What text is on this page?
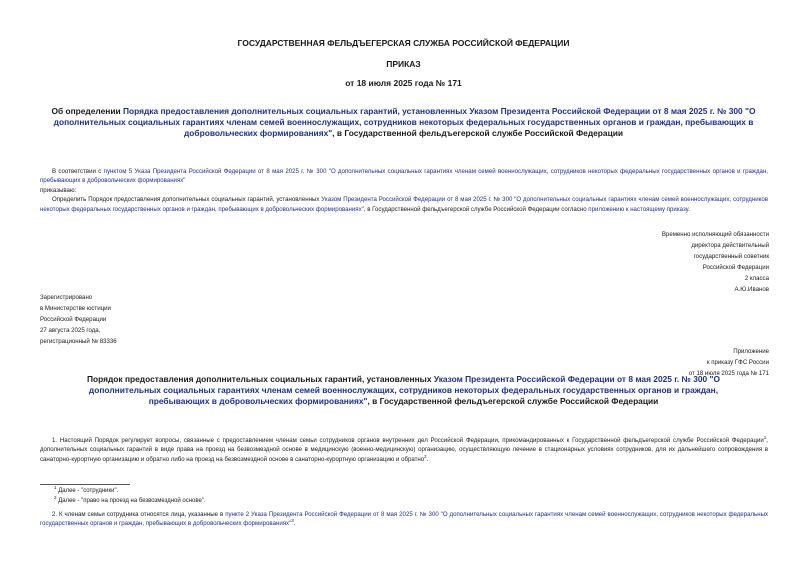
ГОСУДАРСТВЕННАЯ ФЕЛЬДЪЕГЕРСКАЯ СЛУЖБА РОССИЙСКОЙ ФЕДЕРАЦИИ
ПРИКАЗ
от 18 июля 2025 года № 171
Об определении Порядка предоставления дополнительных социальных гарантий, установленных Указом Президента Российской Федерации от 8 мая 2025 г. № 300 "О дополнительных социальных гарантиях членам семей военнослужащих, сотрудников некоторых федеральных государственных органов и граждан, пребывающих в добровольческих формированиях", в Государственной фельдъегерской службе Российской Федерации
В соответствии с пунктом 5 Указа Президента Российской Федерации от 8 мая 2025 г. № 300 "О дополнительных социальных гарантиях членам семей военнослужащих, сотрудников некоторых федеральных государственных органов и граждан, пребывающих в добровольческих формированиях"
приказываю:
Определить Порядок предоставления дополнительных социальных гарантий, установленных Указом Президента Российской Федерации от 8 мая 2025 г. № 300 "О дополнительных социальных гарантиях членам семей военнослужащих, сотрудников некоторых федеральных государственных органов и граждан, пребывающих в добровольческих формированиях", в Государственной фельдъегерской службе Российской Федерации согласно приложению к настоящему приказу.
Временно исполняющий обязанности
директора действительный
государственный советник
Российской Федерации
2 класса
А.Ю.Иванов
Зарегистрировано
в Министерстве юстиции
Российской Федерации
27 августа 2025 года,
регистрационный № 83336
Приложение
к приказу ГФС России
от 18 июля 2025 года № 171
Порядок предоставления дополнительных социальных гарантий, установленных Указом Президента Российской Федерации от 8 мая 2025 г. № 300 "О дополнительных социальных гарантиях членам семей военнослужащих, сотрудников некоторых федеральных государственных органов и граждан, пребывающих в добровольческих формированиях", в Государственной фельдъегерской службе Российской Федерации
1. Настоящий Порядок регулирует вопросы, связанные с предоставлением членам семьи сотрудников органов внутренних дел Российской Федерации, прикомандированных к Государственной фельдъегерской службе Российской Федерации$^1$, дополнительных социальных гарантий в виде права на проезд на безвозмездной основе в медицинскую (военно-медицинскую) организацию, осуществляющую лечение в стационарных условиях сотрудников, для их дальнейшего сопровождения в санаторно-курортную организацию и обратно либо на проезд на безвозмездной основе в санаторно-курортную организацию и обратно$^2$.
$^1$ Далее - "сотрудники".
$^2$ Далее - "право на проезд на безвозмездной основе".
2. К членам семьи сотрудника относятся лица, указанные в пункте 2 Указа Президента Российской Федерации от 8 мая 2025 г. № 300 "О дополнительных социальных гарантиях членам семей военнослужащих, сотрудников некоторых федеральных государственных органов и граждан, пребывающих в добровольческих формированиях"$^3$.
